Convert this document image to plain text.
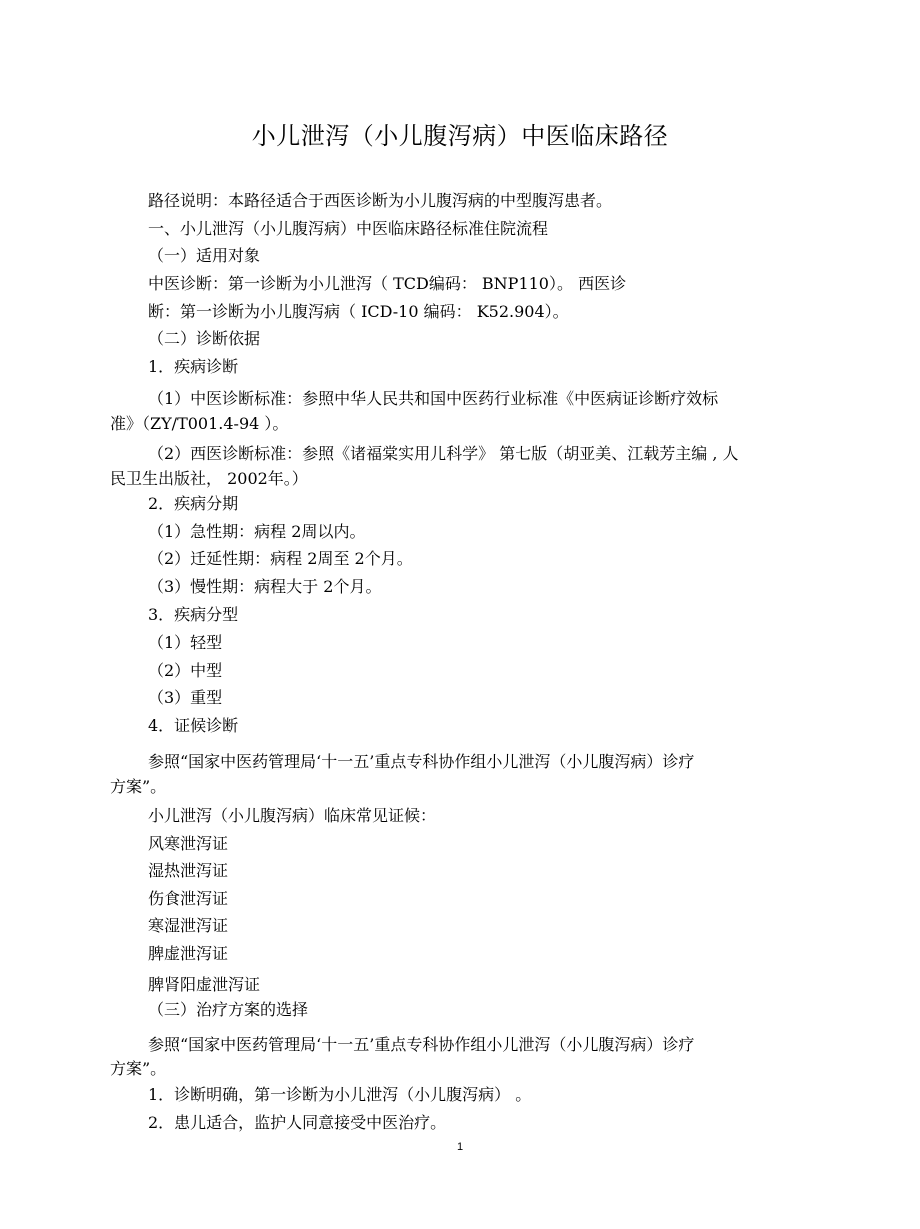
小儿泄泻（小儿腹泻病）中医临床路径
路径说明：本路径适合于西医诊断为小儿腹泻病的中型腹泻患者。
一、小儿泄泻（小儿腹泻病）中医临床路径标准住院流程
（一）适用对象
中医诊断：第一诊断为小儿泄泻（ TCD编码： BNP110）。 西医诊
断：第一诊断为小儿腹泻病（ ICD-10 编码： K52.904）。
（二）诊断依据
1．疾病诊断
（1）中医诊断标准：参照中华人民共和国中医药行业标准《中医病证诊断疗效标
准》（ZY/T001.4-94 ）。
（2）西医诊断标准：参照《诸福棠实用儿科学》 第七版（胡亚美、江载芳主编 , 人
民卫生出版社， 2002年。）
2．疾病分期
（1）急性期：病程 2周以内。
（2）迁延性期：病程 2周至 2个月。
（3）慢性期：病程大于 2个月。
3．疾病分型
（1）轻型
（2）中型
（3）重型
4．证候诊断
参照“国家中医药管理局‘十一五’重点专科协作组小儿泄泻（小儿腹泻病）诊疗
方案”。
小儿泄泻（小儿腹泻病）临床常见证候：
风寒泄泻证
湿热泄泻证
伤食泄泻证
寒湿泄泻证
脾虚泄泻证
脾肾阳虚泄泻证
（三）治疗方案的选择
参照“国家中医药管理局‘十一五’重点专科协作组小儿泄泻（小儿腹泻病）诊疗
方案”。
1．诊断明确，第一诊断为小儿泄泻（小儿腹泻病） 。
2．患儿适合，监护人同意接受中医治疗。
1
